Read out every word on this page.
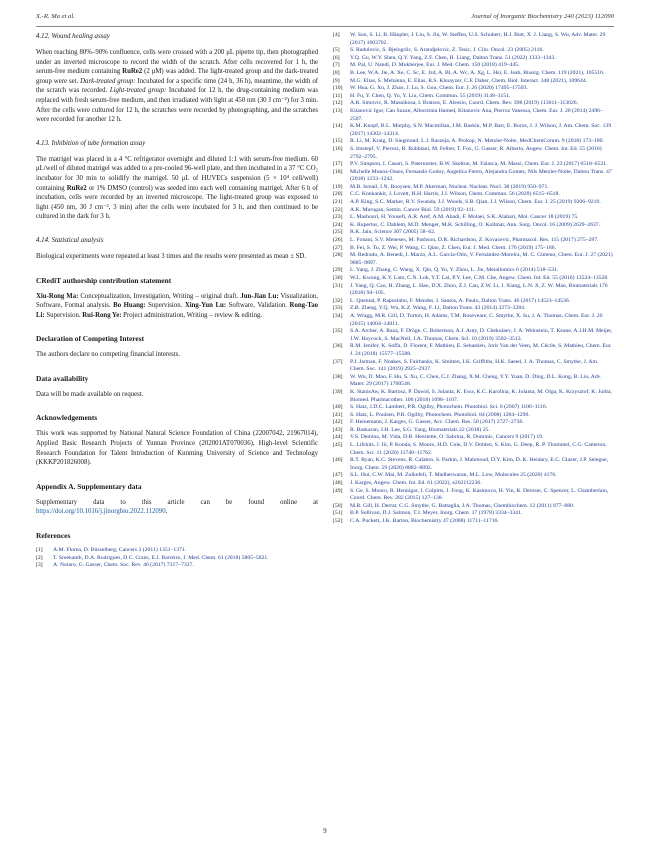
X.-R. Ma et al.	Journal of Inorganic Biochemistry 240 (2023) 112090
4.12. Wound healing assay

When reaching 80%–90% confluence, cells were crossed with a 200 μL pipette tip, then photographed under an inverted microscope to record the width of the scratch. After cells recovered for 1 h, the serum-free medium containing RuRe2 (2 μM) was added. The light-treated group and the dark-treated group were set. Dark-treated group: Incubated for a specific time (24 h, 36 h), meantime, the width of the scratch was recorded. Light-treated group: Incubated for 12 h, the drug-containing medium was replaced with fresh serum-free medium, and then irradiated with light at 450 nm (30 J cm⁻²) for 3 min. After the cells were cultured for 12 h, the scratches were recorded by photographing, and the scratches were recorded for another 12 h.

4.13. Inhibition of tube formation assay

The matrigel was placed in a 4 °C refrigerator overnight and diluted 1:1 with serum-free medium. 60 μL/well of diluted matrigel was added to a pre-cooled 96-well plate, and then incubated in a 37 °C CO₂ incubator for 30 min to solidify the matrigel. 50 μL of HUVECs suspension (5 × 10⁴ cell/well) containing RuRe2 or 1% DMSO (control) was seeded into each well containing matrigel. After 6 h of incubation, cells were recorded by an inverted microscope. The light-treated group was exposed to light (450 nm, 30 J cm⁻², 3 min) after the cells were incubated for 3 h, and then continued to be cultured in the dark for 3 h.

4.14. Statistical analysis

Biological experiments were repeated at least 3 times and the results were presented as mean ± SD.

CRediT authorship contribution statement

Xiu-Rong Ma: Conceptualization, Investigation, Writing – original draft. Jun-Jian Lu: Visualization, Software, Formal analysis. Bo Huang: Supervision. Xing-Yun Lu: Software, Validation. Rong-Tao Li: Supervision. Rui-Rong Ye: Project administration, Writing – review & editing.

Declaration of Competing Interest

The authors declare no competing financial interests.

Data availability

Data will be made available on request.

Acknowledgements

This work was supported by National Natural Science Foundation of China (22007042, 21967014), Applied Basic Research Projects of Yunnan Province (202001AT070036), High-level Scientific Research Foundation for Talent Introduction of Kunming University of Science and Technology (KKKP201826008).

Appendix A. Supplementary data

Supplementary data to this article can be found online at https://doi.org/10.1016/j.jinorgbio.2022.112090.

References
[1] A.M. Florea, D. Büsselberg, Cancers 3 (2011) 1351–1371.
[2] T. Sreekanth, D.A. Rodrigues, D.C. Crans, E.J. Barreiro, J. Med. Chem. 61 (2018) 5805–5821.
[3] A. Notaro, G. Gasser, Chem. Soc. Rev. 46 (2017) 7317–7337.
[4] W. Sun, S. Li, B. Häupler, J. Liu, S. Jin, W. Steffen, U.S. Schubert, H.J. Butt, X. J. Liang, S. Wu, Adv. Mater. 29 (2017) 1603702.
[5] S. Radulovic, S. Bjelogrlic, S. Arandjelovic, Z. Tesic, J. Clin. Oncol. 23 (2005) 2116.
[6] Y.Q. Gu, W.Y. Shen, Q.Y. Yang, Z.F. Chen, H. Liang, Dalton Trans. 51 (2022) 1333–1343.
[7] M. Pal, U. Nandi, D. Mukherjee, Eur. J. Med. Chem. 150 (2018) 419–445.
[8] B. Lee, W.A. Jie, A. Xe, C. Sc, E. Jzd, A. Bl, A. Wc, A. Xg, L. Hsi, E. Jeab, Bioorg. Chem. 119 (2021), 105516.
[9] M.G. Elias, S. Mehanna, E. Elias, R.S. Khnayzer, C.F. Daher, Chem. Biol. Interact. 348 (2021), 109644.
[10] W. Hua, G. Xu, J. Zhao, J. Lu, S. Gou, Chem. Eur. J. 26 (2020) 17495–17503.
[11] H. Fu, Y. Chen, Q. Yu, Y. Liu, Chem. Commun. 55 (2019) 3148–3151.
[12] A.R. Simovic, R. Masnikosa, I. Bratsos, E. Alessio, Coord. Chem. Rev. 398 (2019) 113011–113026.
[13] Kitanovic Igor, Can Suzan, Alborzinia Hamed, Kitanovic Ana, Pierroz Vanessa, Chem. Eur. J. 20 (2014) 2496–2507.
[14] K.M. Knopf, B.L. Murphy, S.N. Macmillan, J.M. Baskin, M.P. Barr, E. Boros, J. J. Wilson, J. Am. Chem. Soc. 139 (2017) 14302–14314.
[15] R. Li, M. Kraig, D. Siegmund, L.J. Raszeja, A. Prokop, N. Metzler-Nolte, MedChemComm. 9 (2018) 173–180.
[16] S. Imstepf, V. Pierroz, R. Rubbiani, M. Felber, T. Fox, G. Gasser, R. Alberto, Angew. Chem. Int. Ed. 55 (2016) 2792–2795.
[17] P.V. Simpson, I. Casari, S. Paternoster, B.W. Skelton, M. Falasca, M. Massi, Chem. Eur. J. 23 (2017) 6518–6521.
[18] Michelle Munoz-Osses, Fernando Godoy, Angelica Fierro, Alejandra Gomez, Nils Metzler-Nolte, Dalton Trans. 47 (2018) 1233–1242.
[19] M.B. Ismail, I.N. Booysen, M.P. Akerman, Nuclear. Nuclear. Nucl. 38 (2019) 950–971.
[20] C.C. Konkankit, J. Lovett, H.H. Harris, J.J. Wilson, Chem. Commun. 56 (2020) 6515–6518.
[21] A.P. King, S.C. Marker, R.V. Swanda, J.J. Woods, S.B. Qian, J.J. Wilson, Chem. Eur. J. 25 (2019) 9206–9210.
[22] A.K. Murugan, Semin. Cancer Biol. 59 (2019) 92–111.
[23] L. Mashouri, H. Yousefi, A.R. Aref, A.M. Ahadi, F. Molaei, S.K. Alahari, Mol. Cancer 18 (2019) 75.
[24] K. Rupertus, C. Dahlem, M.D. Menger, M.K. Schilling, O. Kollmar, Ann. Surg. Oncol. 16 (2009) 2629–2637.
[25] R.K. Jain, Science 307 (2005) 58–62.
[26] L. Fonani, S.V. Meneses, M. Pashson, D.R. Richardson, Z. Kovacevic, Pharmacol. Res. 115 (2017) 275–287.
[27] B. Fei, S. Tu, Z. Wei, P. Wang, C. Qiao, Z. Chen, Eur. J. Med. Chem. 176 (2019) 175–186.
[28] M. Redrado, A. Benedi, I. Marzo, A.L. García-Otín, V. Fernández-Moreira, M. C. Gimeno, Chem. Eur. J. 27 (2021) 9885–9897.
[29] L. Yang, J. Zhang, C. Wang, X. Qin, Q. Yu, Y. Zhou, L. Jie, Metallomics 6 (2014) 518–531.
[30] W.L. Kwong, K.Y. Lam, C.N. Lok, Y.T. Lai, P.Y. Lee, C.M. Che, Angew. Chem. Int. Ed. 55 (2016) 13524–13528.
[31] J. Yang, Q. Cao, H. Zhang, L. Hao, D.X. Zhou, Z.J. Can, Z.W. Li, J. Xiang, L.N. Ji, Z. W. Mao, Biomaterials 176 (2018) 94–105.
[32] L. Quental, P. Raposinho, F. Mendes, I. Santos, A. Paulo, Dalton Trans. 46 (2017) 14523–14536.
[33] Z.B. Zheng, Y.Q. Wu, K.Z. Wang, F. Li, Dalton Trans. 43 (2014) 3273–3284.
[34] A. Wragg, M.R. Gill, D. Turton, H. Adams, T.M. Roseveare, C. Smythe, X. Su, J. A. Thomas, Chem. Eur. J. 20 (2015) 14004–14011.
[35] S.A. Archer, A. Raza, F. Dröge, C. Robertson, A.J. Auty, D. Chekulaev, J. A. Weinstein, T. Keane, A.J.H.M. Meijer, J.W. Haycock, S. MacNeil, J.A. Thomas, Chem. Sci. 10 (2019) 3502–3513.
[36] R.M. Jenifer, K. Soffa, D. Florent, F. Mathieu, E. Sebastien, Joris Van der Veen, M. Cécile, S. Mathieu, Chem. Eur. J. 24 (2018) 15577–15588.
[37] P.J. Jarman, F. Noakes, S. Fairbanks, K. Smitten, I.K. Griffiths, H.K. Saeed, J. A. Thomas, C. Smythe, J. Am. Chem. Soc. 141 (2019) 2925–2937.
[38] W. Wu, D. Mao, F. Hu, S. Xu, C. Chen, C.J. Zhang, X.M. Cheng, Y.Y. Yuan, D. Ding, D.L. Kong, B. Liu, Adv. Mater. 29 (2017) 1700548.
[39] K. StanisAw, K. Bartosz, P. Dawid, S. Jolanta, K. Ewa, K.C. Karolina, K. Jolanta, M. Olga, K. Krzysztof, K. Julita, Biomed. Pharmacother. 106 (2018) 1098–1107.
[40] S. Hatz, J.D.C. Lambert, P.R. Ogilby, Photochem. Photobiol. Sci. 6 (2007) 1106–1116.
[41] S. Hatz, L. Poulsen, P.R. Ogilby, Photochem. Photobiol. 84 (2008) 1284–1290.
[42] F. Heinemann, J. Karges, G. Gasser, Acc. Chem. Res. 50 (2017) 2727–2736.
[43] R. Baskaran, J.H. Lee, S.G. Yang, Biomaterials 22 (2018) 25.
[44] V.S. Demina, M. Vida, D.B. Henriette, O. Sabrina, R. Dominic, Cancers 9 (2017) 19.
[45] L. Lifshits, J. Iii, P. Konda, S. Monro, H.D. Cole, D.V. Dohlen, S. Kim, G. Deep, R. P. Thummel, C.G. Cameron, Chem. Sci. 11 (2020) 11740–11762.
[46] R.T. Ryan, K.C. Stevens, R. Calabro, S. Parkin, J. Mahmoud, D.Y. Kim, D. K. Heidary, E.C. Glazer, J.P. Selegue, Inorg. Chem. 59 (2020) 8882–8892.
[47] S.L. Hui, C.W. Mai, M. Zulkefeli, T. Madheswaran, M.L. Low, Molecules 25 (2020) 4176.
[48] J. Karges, Angew. Chem. Int. Ed. 61 (2022), e202112236.
[49] S. Ge, S. Monro, R. Hennigar, J. Colpitts, J. Fong, K. Kasimova, H. Yin, R. Deroste, C. Spencer, L. Chamberlain, Coord. Chem. Rev. 282 (2015) 127–138.
[50] M.R. Gill, H. Derrat, C.G. Smythe, G. Battaglia, J.A. Thomas, Chembiochem. 12 (2011) 877–880.
[51] B.P. Sullivan, D.J. Salmon, T.J. Meyer, Inorg. Chem. 17 (1978) 3334–3341.
[52] C.A. Puckett, J.K. Barton, Biochemistry 47 (2008) 11711–11716.
9
